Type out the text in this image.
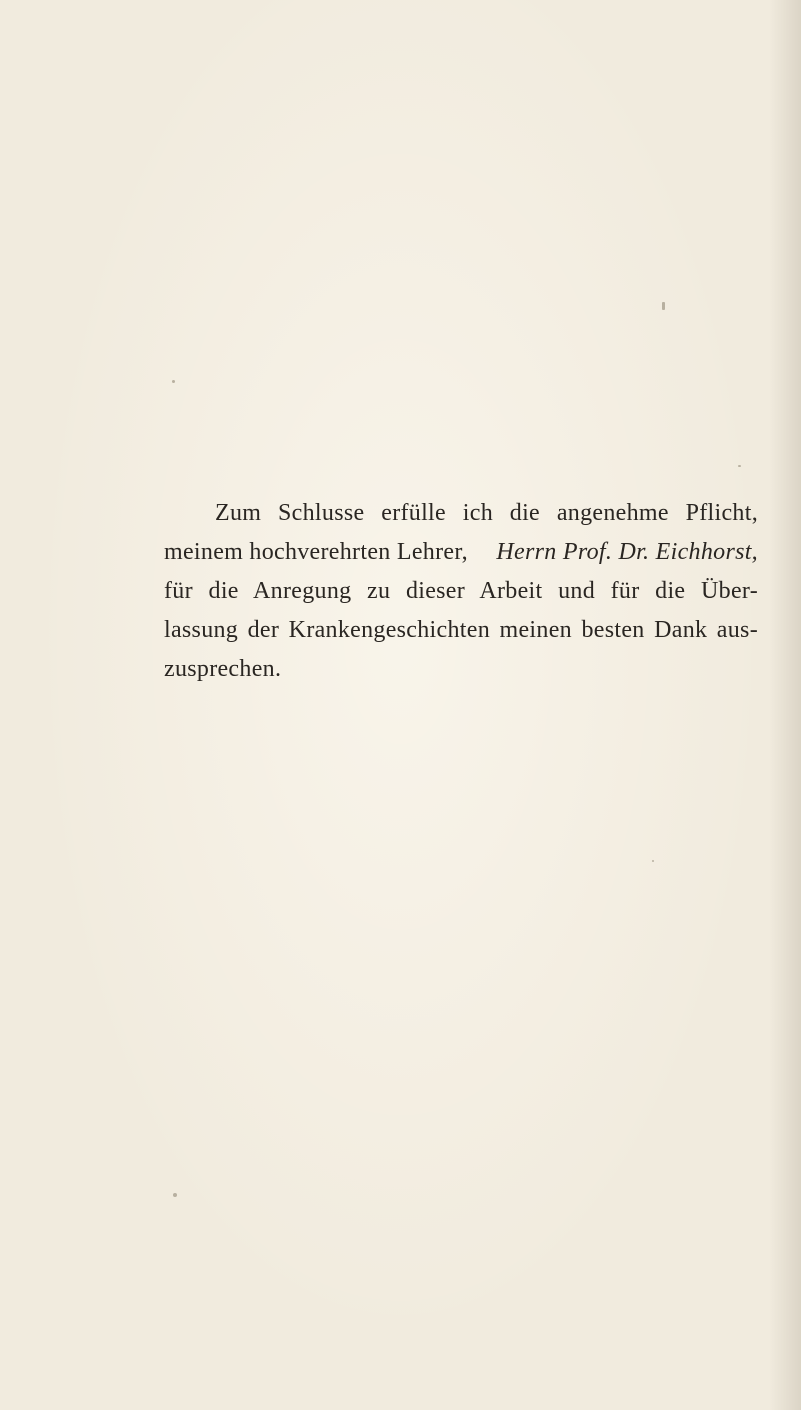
Zum Schlusse erfülle ich die angenehme Pflicht,
meinem hochverehrten Lehrer, Herrn Prof. Dr. Eichhorst,
für die Anregung zu dieser Arbeit und für die Über-
lassung der Krankengeschichten meinen besten Dank aus-
zusprechen.
